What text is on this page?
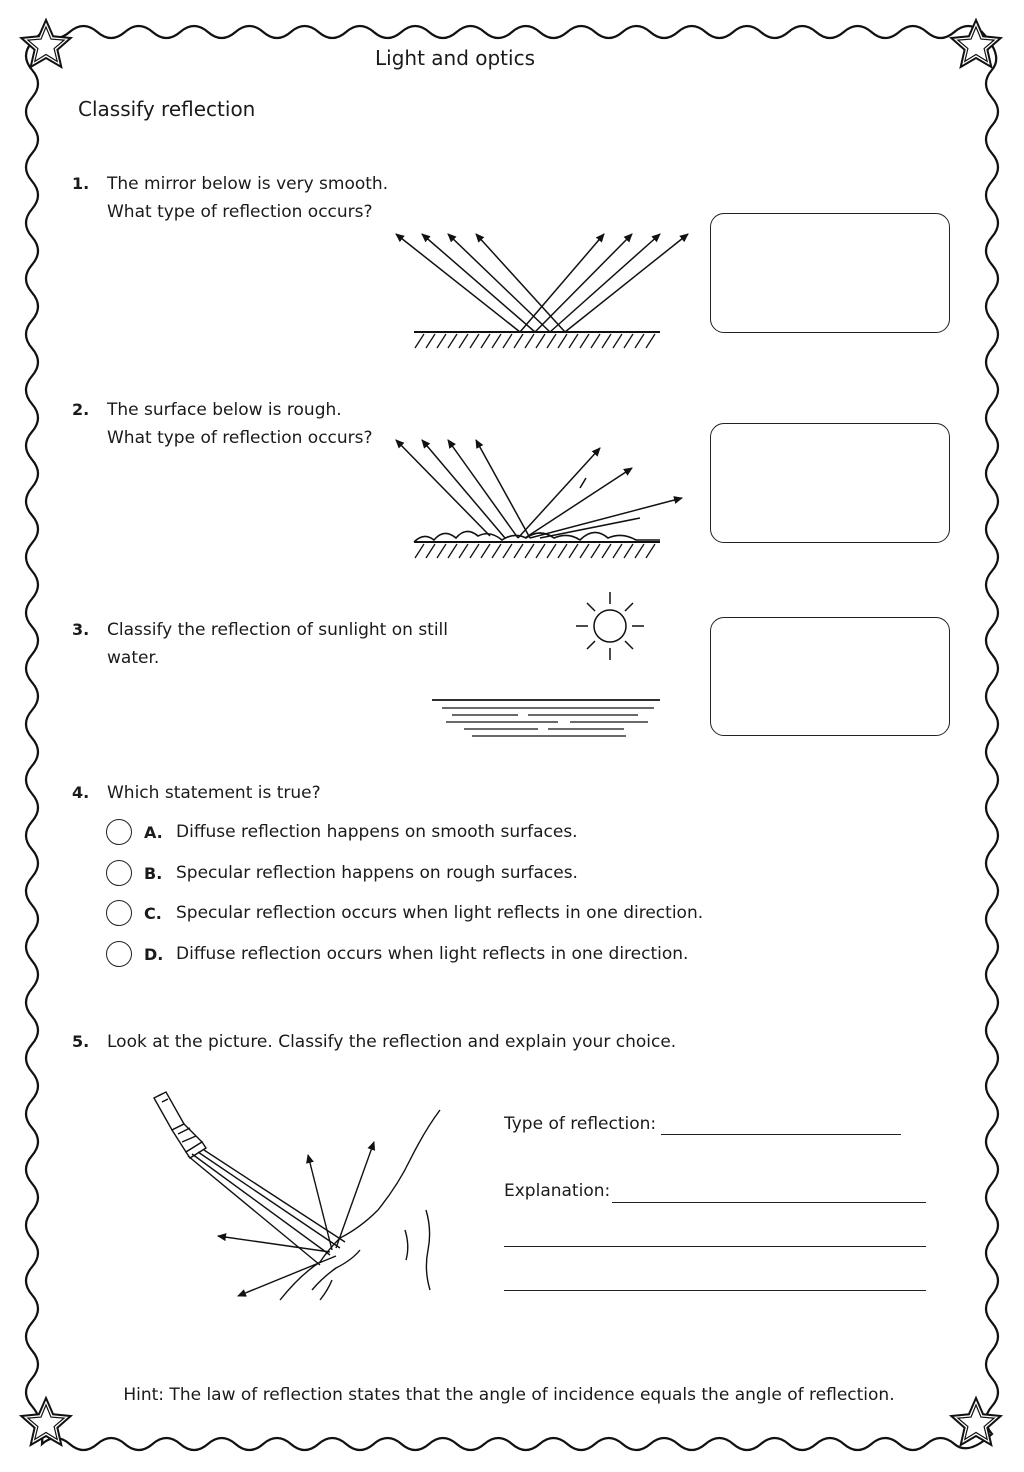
Light and optics
Classify reflection
1. The mirror below is very smooth.
What type of reflection occurs?
2. The surface below is rough.
What type of reflection occurs?
3. Classify the reflection of sunlight on still
water.
4. Which statement is true?
A. Diffuse reflection happens on smooth surfaces.
B. Specular reflection happens on rough surfaces.
C. Specular reflection occurs when light reflects in one direction.
D. Diffuse reflection occurs when light reflects in one direction.
5. Look at the picture. Classify the reflection and explain your choice.
Type of reflection:
Explanation:
Hint: The law of reflection states that the angle of incidence equals the angle of reflection.
